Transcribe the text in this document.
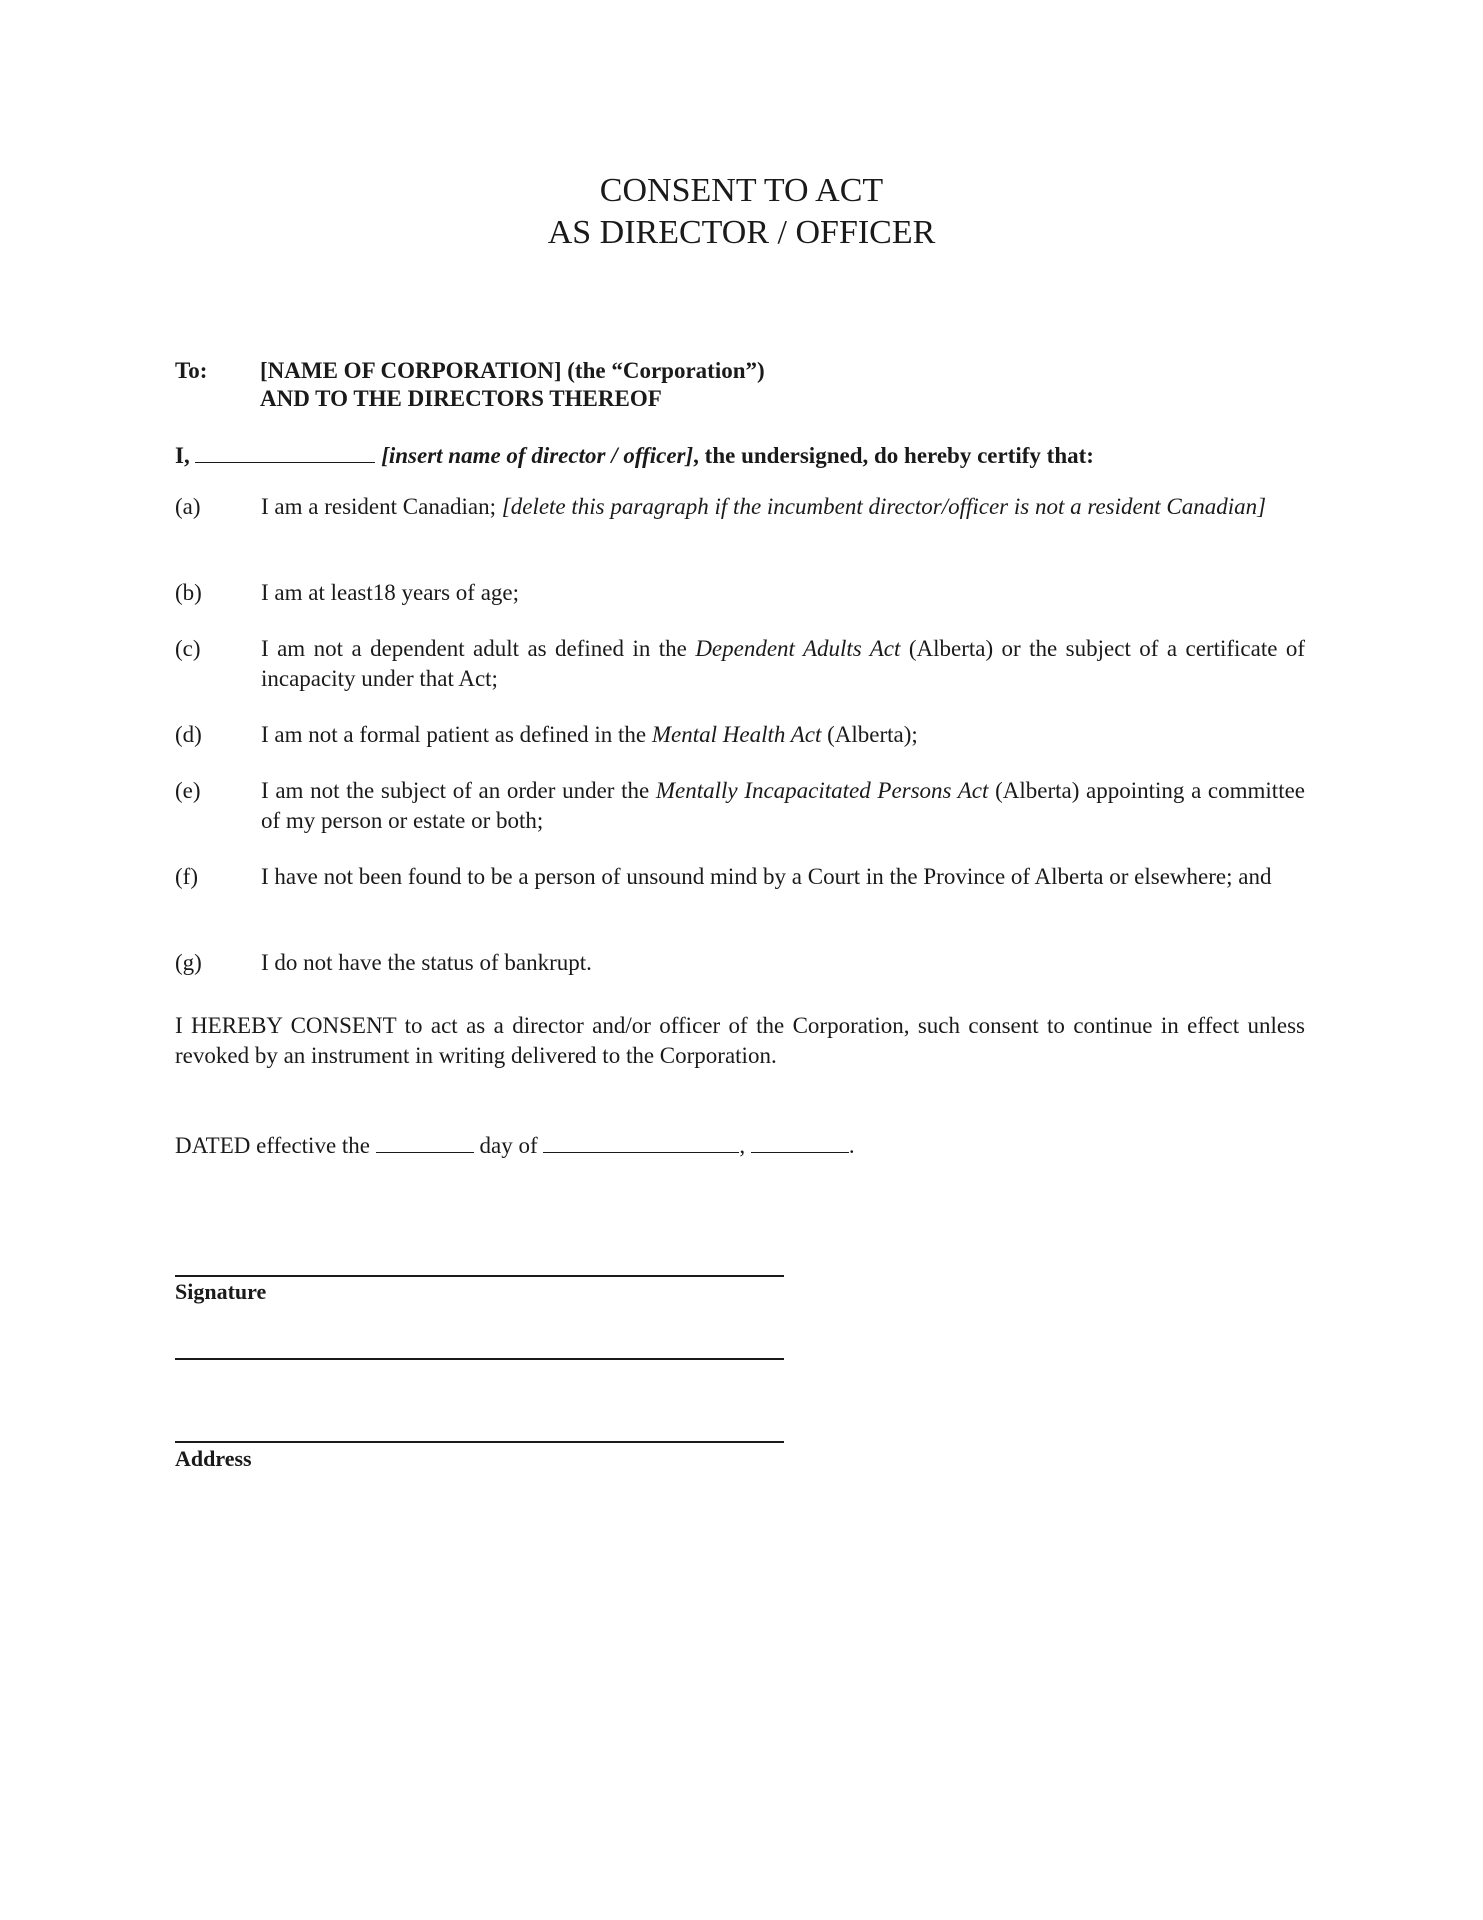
CONSENT TO ACT
AS DIRECTOR / OFFICER
To: [NAME OF CORPORATION] (the “Corporation”)
AND TO THE DIRECTORS THEREOF
I,	[insert name of director / officer], the undersigned, do hereby certify that:
(a)	I am a resident Canadian; [delete this paragraph if the incumbent director/officer is not a resident Canadian]
(b)	I am at least18 years of age;
(c)	I am not a dependent adult as defined in the Dependent Adults Act (Alberta) or the subject of a certificate of incapacity under that Act;
(d)	I am not a formal patient as defined in the Mental Health Act (Alberta);
(e)	I am not the subject of an order under the Mentally Incapacitated Persons Act (Alberta) appointing a committee of my person or estate or both;
(f)	I have not been found to be a person of unsound mind by a Court in the Province of Alberta or elsewhere; and
(g)	I do not have the status of bankrupt.
I HEREBY CONSENT to act as a director and/or officer of the Corporation, such consent to continue in effect unless revoked by an instrument in writing delivered to the Corporation.
DATED effective the	day of	,	.
Signature
Address
